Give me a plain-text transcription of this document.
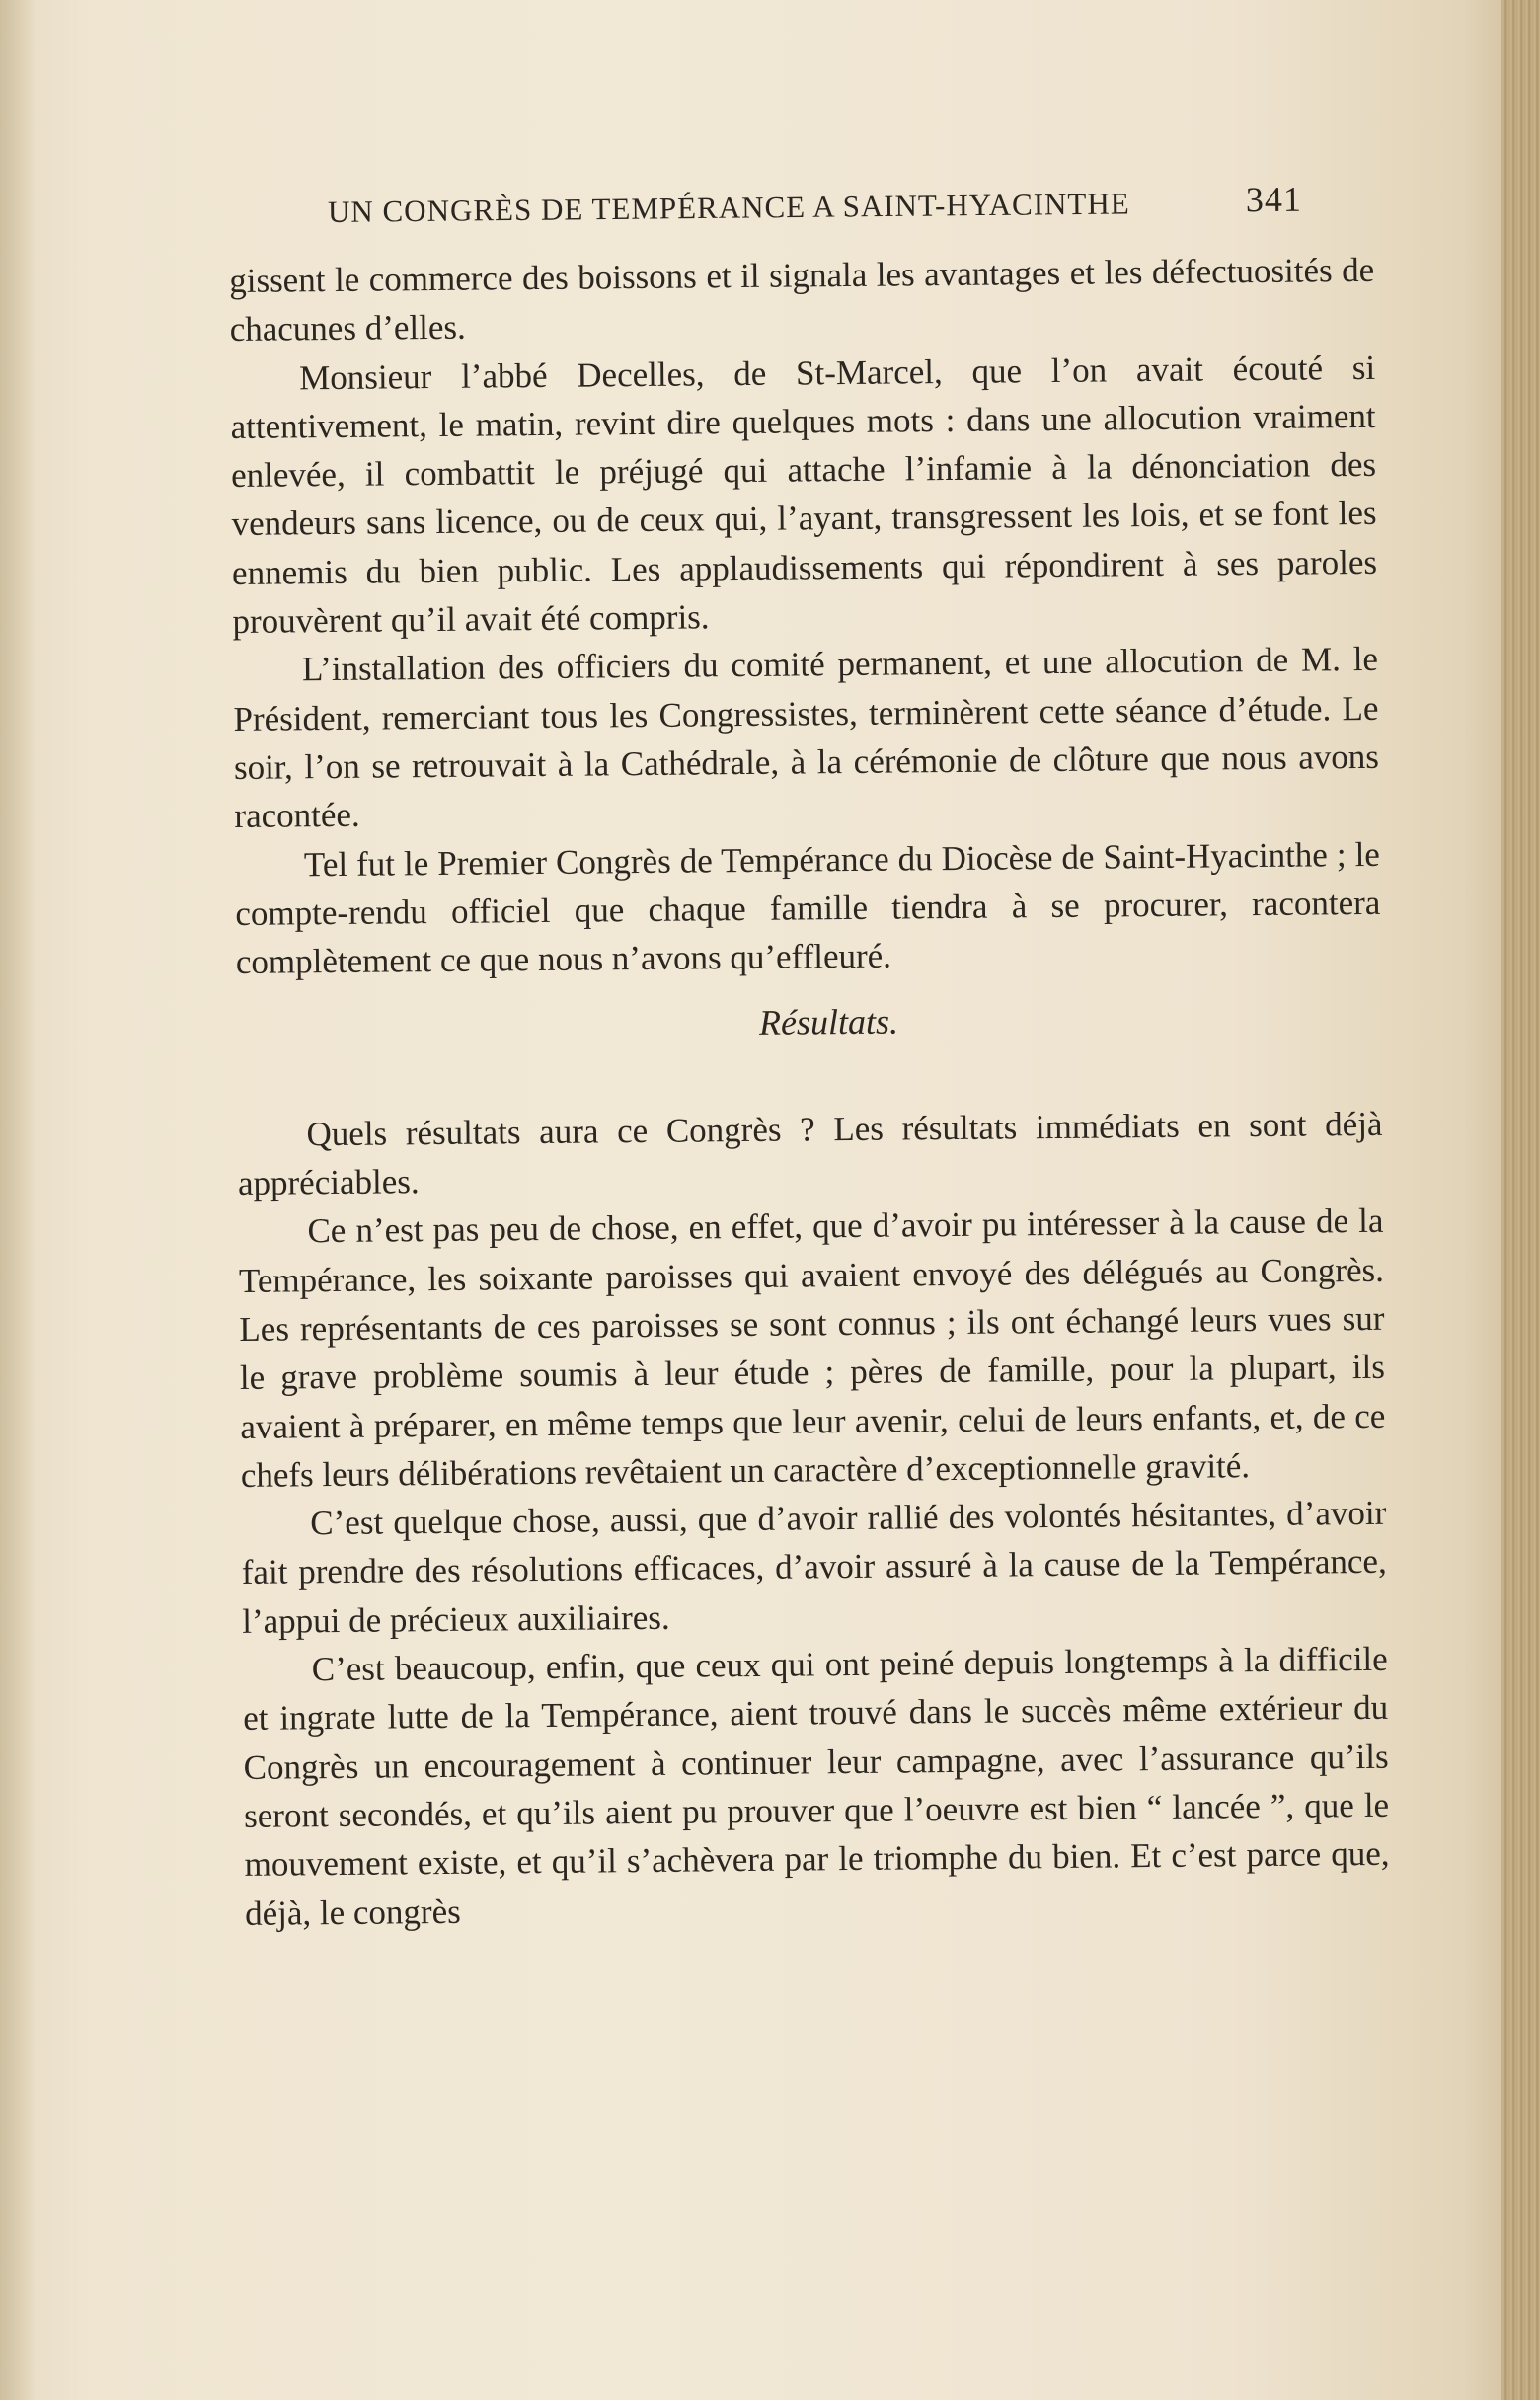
UN CONGRÈS DE TEMPÉRANCE A SAINT-HYACINTHE	341

gissent le commerce des boissons et il signala les avantages et les défectuosités de chacunes d’elles.

Monsieur l’abbé Decelles, de St-Marcel, que l’on avait écouté si attentivement, le matin, revint dire quelques mots : dans une allocution vraiment enlevée, il combattit le préjugé qui attache l’infamie à la dénonciation des vendeurs sans licence, ou de ceux qui, l’ayant, transgressent les lois, et se font les ennemis du bien public. Les applaudissements qui répondirent à ses paroles prouvèrent qu’il avait été compris.

L’installation des officiers du comité permanent, et une allocution de M. le Président, remerciant tous les Congressistes, terminèrent cette séance d’étude. Le soir, l’on se retrouvait à la Cathédrale, à la cérémonie de clôture que nous avons racontée.

Tel fut le Premier Congrès de Tempérance du Diocèse de Saint-Hyacinthe ; le compte-rendu officiel que chaque famille tiendra à se procurer, racontera complètement ce que nous n’avons qu’effleuré.

Résultats.

Quels résultats aura ce Congrès ? Les résultats immédiats en sont déjà appréciables.

Ce n’est pas peu de chose, en effet, que d’avoir pu intéresser à la cause de la Tempérance, les soixante paroisses qui avaient envoyé des délégués au Congrès. Les représentants de ces paroisses se sont connus ; ils ont échangé leurs vues sur le grave problème soumis à leur étude ; pères de famille, pour la plupart, ils avaient à préparer, en même temps que leur avenir, celui de leurs enfants, et, de ce chefs leurs délibérations revêtaient un caractère d’exceptionnelle gravité.

C’est quelque chose, aussi, que d’avoir rallié des volontés hésitantes, d’avoir fait prendre des résolutions efficaces, d’avoir assuré à la cause de la Tempérance, l’appui de précieux auxiliaires.

C’est beaucoup, enfin, que ceux qui ont peiné depuis longtemps à la difficile et ingrate lutte de la Tempérance, aient trouvé dans le succès même extérieur du Congrès un encouragement à continuer leur campagne, avec l’assurance qu’ils seront secondés, et qu’ils aient pu prouver que l’oeuvre est bien “ lancée ”, que le mouvement existe, et qu’il s’achèvera par le triomphe du bien. Et c’est parce que, déjà, le congrès
